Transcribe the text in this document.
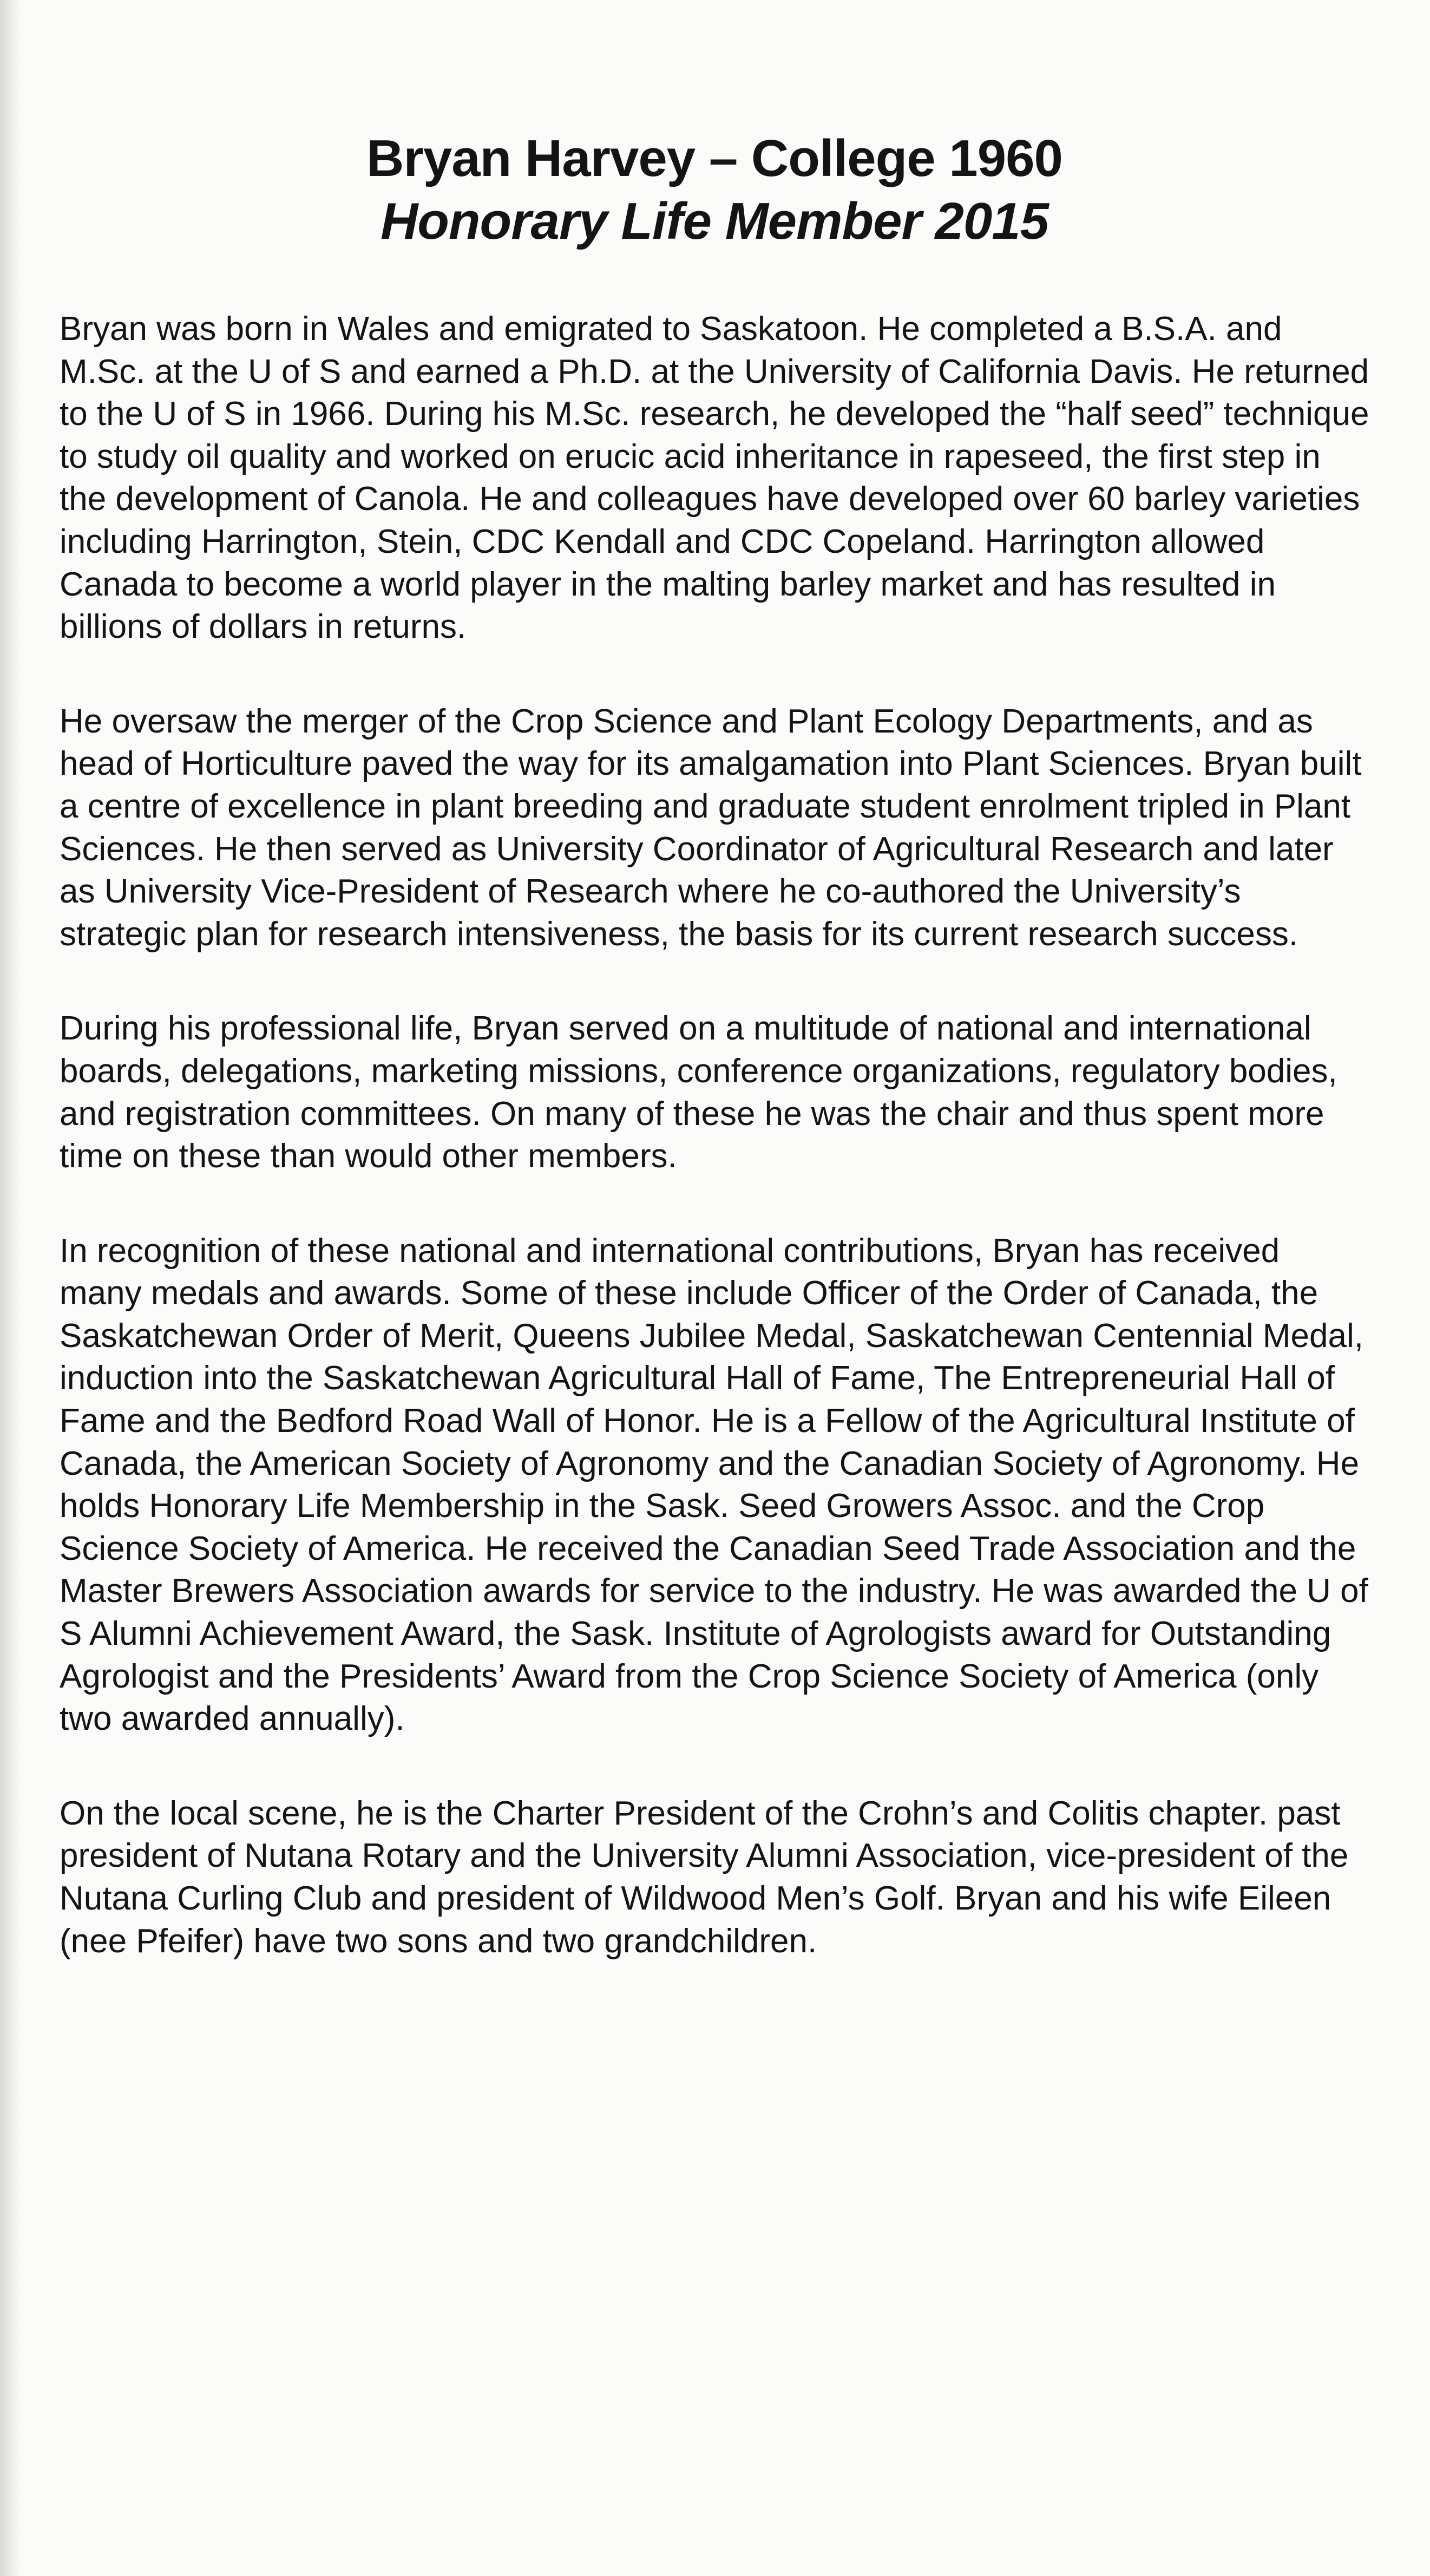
Bryan Harvey – College 1960
Honorary Life Member 2015

Bryan was born in Wales and emigrated to Saskatoon. He completed a B.S.A. and M.Sc. at the U of S and earned a Ph.D. at the University of California Davis. He returned to the U of S in 1966. During his M.Sc. research, he developed the “half seed” technique to study oil quality and worked on erucic acid inheritance in rapeseed, the first step in the development of Canola. He and colleagues have developed over 60 barley varieties including Harrington, Stein, CDC Kendall and CDC Copeland. Harrington allowed Canada to become a world player in the malting barley market and has resulted in billions of dollars in returns.

He oversaw the merger of the Crop Science and Plant Ecology Departments, and as head of Horticulture paved the way for its amalgamation into Plant Sciences. Bryan built a centre of excellence in plant breeding and graduate student enrolment tripled in Plant Sciences. He then served as University Coordinator of Agricultural Research and later as University Vice-President of Research where he co-authored the University’s strategic plan for research intensiveness, the basis for its current research success.

During his professional life, Bryan served on a multitude of national and international boards, delegations, marketing missions, conference organizations, regulatory bodies, and registration committees. On many of these he was the chair and thus spent more time on these than would other members.

In recognition of these national and international contributions, Bryan has received many medals and awards. Some of these include Officer of the Order of Canada, the Saskatchewan Order of Merit, Queens Jubilee Medal, Saskatchewan Centennial Medal, induction into the Saskatchewan Agricultural Hall of Fame, The Entrepreneurial Hall of Fame and the Bedford Road Wall of Honor. He is a Fellow of the Agricultural Institute of Canada, the American Society of Agronomy and the Canadian Society of Agronomy. He holds Honorary Life Membership in the Sask. Seed Growers Assoc. and the Crop Science Society of America. He received the Canadian Seed Trade Association and the Master Brewers Association awards for service to the industry. He was awarded the U of S Alumni Achievement Award, the Sask. Institute of Agrologists award for Outstanding Agrologist and the Presidents’ Award from the Crop Science Society of America (only two awarded annually).

On the local scene, he is the Charter President of the Crohn’s and Colitis chapter. past president of Nutana Rotary and the University Alumni Association, vice-president of the Nutana Curling Club and president of Wildwood Men’s Golf. Bryan and his wife Eileen (nee Pfeifer) have two sons and two grandchildren.
